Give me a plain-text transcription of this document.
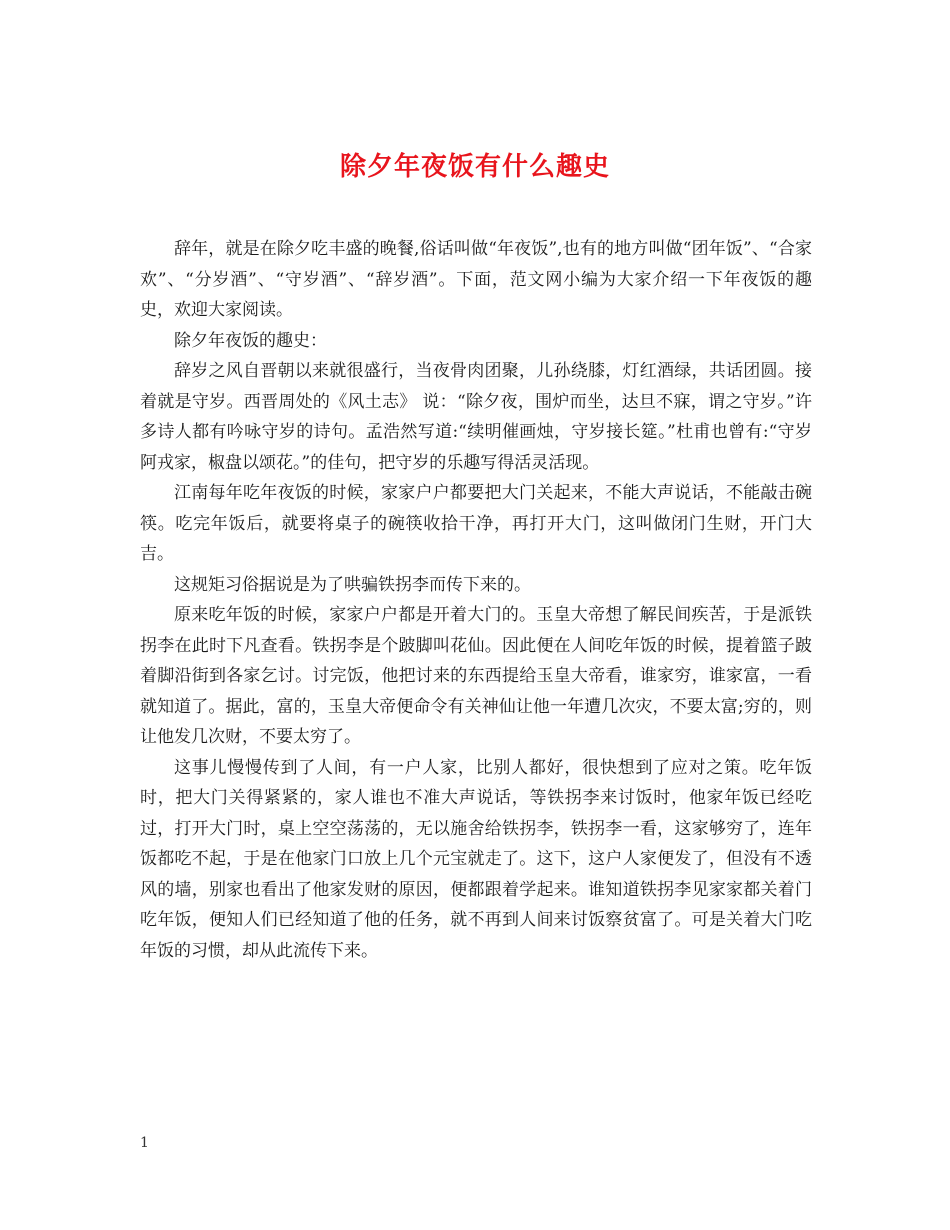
除夕年夜饭有什么趣史

辞年，就是在除夕吃丰盛的晚餐,俗话叫做“年夜饭”,也有的地方叫做“团年饭”、“合家欢”、“分岁酒”、“守岁酒”、“辞岁酒”。下面，范文网小编为大家介绍一下年夜饭的趣史，欢迎大家阅读。

除夕年夜饭的趣史：

辞岁之风自晋朝以来就很盛行，当夜骨肉团聚，儿孙绕膝，灯红酒绿，共话团圆。接着就是守岁。西晋周处的《风土志》 说：“除夕夜，围炉而坐，达旦不寐，谓之守岁。”许多诗人都有吟咏守岁的诗句。孟浩然写道:“续明催画烛，守岁接长筵。”杜甫也曾有:“守岁阿戎家，椒盘以颂花。”的佳句，把守岁的乐趣写得活灵活现。

江南每年吃年夜饭的时候，家家户户都要把大门关起来，不能大声说话，不能敲击碗筷。吃完年饭后，就要将桌子的碗筷收拾干净，再打开大门，这叫做闭门生财，开门大吉。

这规矩习俗据说是为了哄骗铁拐李而传下来的。

原来吃年饭的时候，家家户户都是开着大门的。玉皇大帝想了解民间疾苦，于是派铁拐李在此时下凡查看。铁拐李是个跛脚叫花仙。因此便在人间吃年饭的时候，提着篮子跛着脚沿街到各家乞讨。讨完饭，他把讨来的东西提给玉皇大帝看，谁家穷，谁家富，一看就知道了。据此，富的，玉皇大帝便命令有关神仙让他一年遭几次灾，不要太富;穷的，则让他发几次财，不要太穷了。

这事儿慢慢传到了人间，有一户人家，比别人都好，很快想到了应对之策。吃年饭时，把大门关得紧紧的，家人谁也不准大声说话，等铁拐李来讨饭时，他家年饭已经吃过，打开大门时，桌上空空荡荡的，无以施舍给铁拐李，铁拐李一看，这家够穷了，连年饭都吃不起，于是在他家门口放上几个元宝就走了。这下，这户人家便发了，但没有不透风的墙，别家也看出了他家发财的原因，便都跟着学起来。谁知道铁拐李见家家都关着门吃年饭，便知人们已经知道了他的任务，就不再到人间来讨饭察贫富了。可是关着大门吃年饭的习惯，却从此流传下来。

1
